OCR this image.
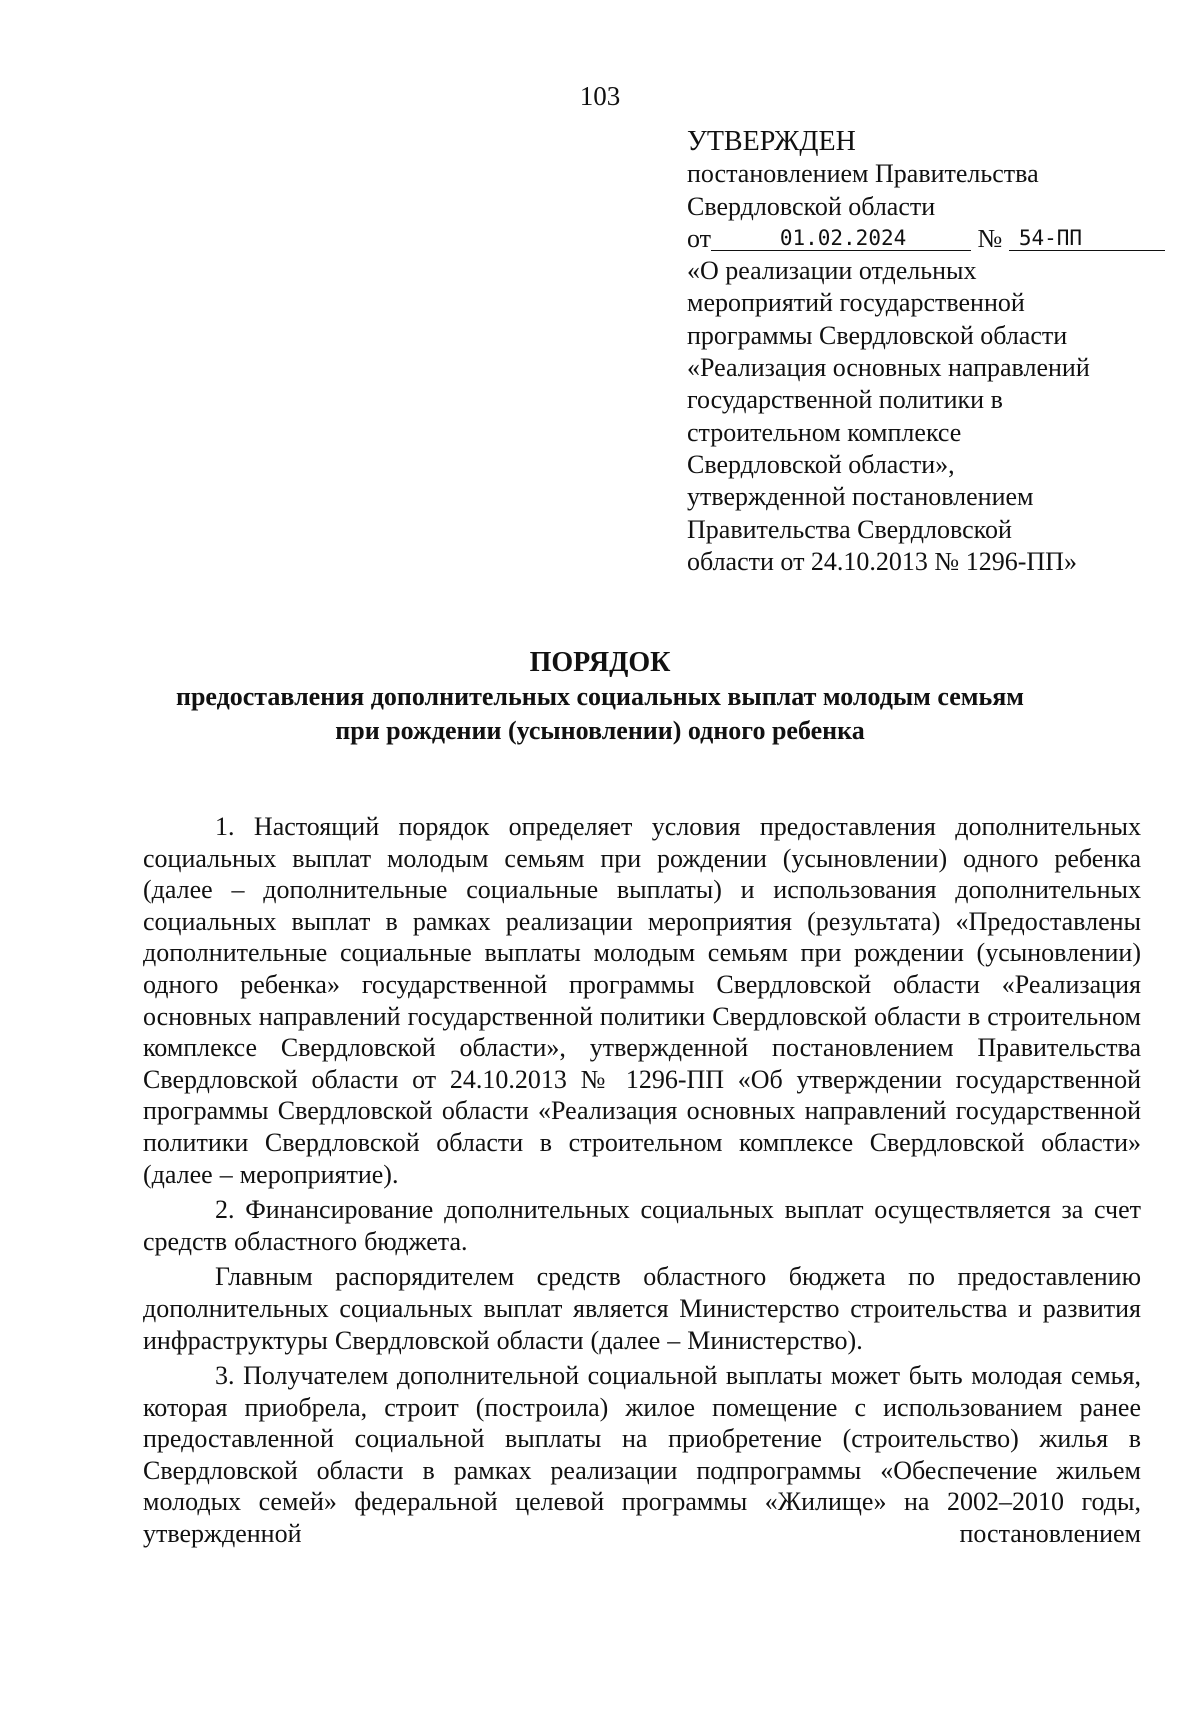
103
УТВЕРЖДЕН
постановлением Правительства
Свердловской области
от	01.02.2024	№ 54-ПП
«О реализации отдельных
мероприятий государственной
программы Свердловской области
«Реализация основных направлений
государственной политики в
строительном комплексе
Свердловской области»,
утвержденной постановлением
Правительства Свердловской
области от 24.10.2013 № 1296-ПП»
ПОРЯДОК
предоставления дополнительных социальных выплат молодым семьям
при рождении (усыновлении) одного ребенка

1. Настоящий порядок определяет условия предоставления дополнительных социальных выплат молодым семьям при рождении (усыновлении) одного ребенка (далее – дополнительные социальные выплаты) и использования дополнительных социальных выплат в рамках реализации мероприятия (результата) «Предоставлены дополнительные социальные выплаты молодым семьям при рождении (усыновлении) одного ребенка» государственной программы Свердловской области «Реализация основных направлений государственной политики Свердловской области в строительном комплексе Свердловской области», утвержденной постановлением Правительства Свердловской области от 24.10.2013 № 1296-ПП «Об утверждении государственной программы Свердловской области «Реализация основных направлений государственной политики Свердловской области в строительном комплексе Свердловской области» (далее – мероприятие).

2. Финансирование дополнительных социальных выплат осуществляется за счет средств областного бюджета.

Главным распорядителем средств областного бюджета по предоставлению дополнительных социальных выплат является Министерство строительства и развития инфраструктуры Свердловской области (далее – Министерство).

3. Получателем дополнительной социальной выплаты может быть молодая семья, которая приобрела, строит (построила) жилое помещение с использованием ранее предоставленной социальной выплаты на приобретение (строительство) жилья в Свердловской области в рамках реализации подпрограммы «Обеспечение жильем молодых семей» федеральной целевой программы «Жилище» на 2002–2010 годы, утвержденной постановлением
